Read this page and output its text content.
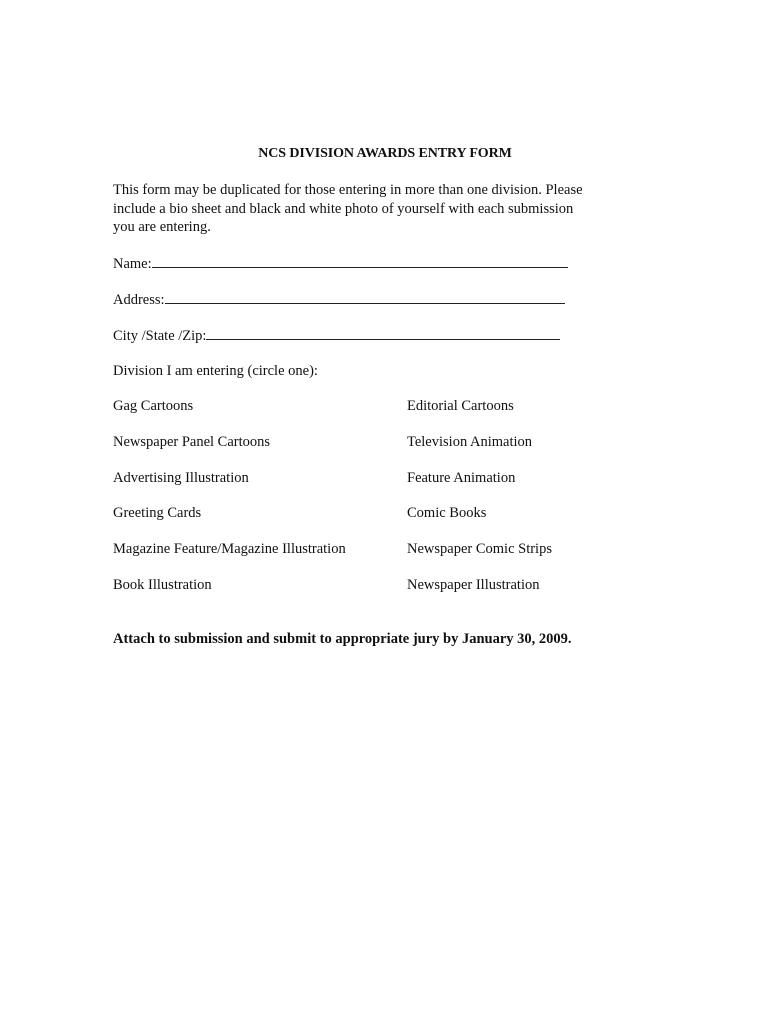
NCS DIVISION AWARDS ENTRY FORM
This form may be duplicated for those entering in more than one division. Please include a bio sheet and black and white photo of yourself with each submission you are entering.
Name:
Address:
City /State /Zip:
Division I am entering (circle one):
Gag Cartoons	Editorial Cartoons
Newspaper Panel Cartoons	Television Animation
Advertising Illustration	Feature Animation
Greeting Cards	Comic Books
Magazine Feature/Magazine Illustration	Newspaper Comic Strips
Book Illustration	Newspaper Illustration
Attach to submission and submit to appropriate jury by January 30, 2009.
